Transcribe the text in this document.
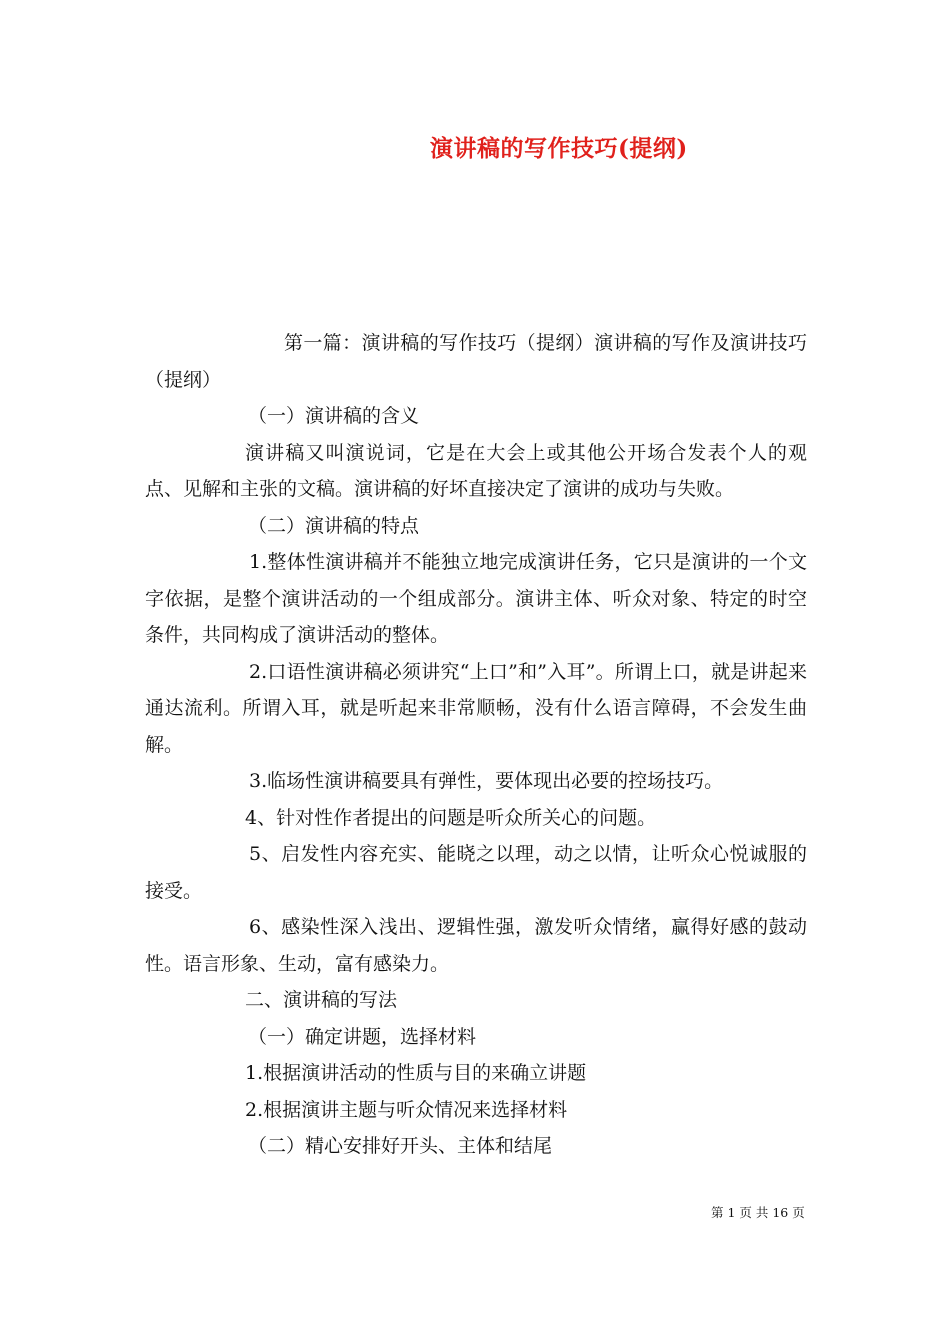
演讲稿的写作技巧(提纲)

第一篇：演讲稿的写作技巧（提纲）演讲稿的写作及演讲技巧（提纲）

（一）演讲稿的含义

演讲稿又叫演说词，它是在大会上或其他公开场合发表个人的观点、见解和主张的文稿。演讲稿的好坏直接决定了演讲的成功与失败。

（二）演讲稿的特点

1.整体性演讲稿并不能独立地完成演讲任务，它只是演讲的一个文字依据，是整个演讲活动的一个组成部分。演讲主体、听众对象、特定的时空条件，共同构成了演讲活动的整体。

2.口语性演讲稿必须讲究“上口”和”入耳”。所谓上口，就是讲起来通达流利。所谓入耳，就是听起来非常顺畅，没有什么语言障碍，不会发生曲解。

3.临场性演讲稿要具有弹性，要体现出必要的控场技巧。

4、针对性作者提出的问题是听众所关心的问题。

5、启发性内容充实、能晓之以理，动之以情，让听众心悦诚服的接受。

6、感染性深入浅出、逻辑性强，激发听众情绪，赢得好感的鼓动性。语言形象、生动，富有感染力。

二、演讲稿的写法

（一）确定讲题，选择材料

1.根据演讲活动的性质与目的来确立讲题

2.根据演讲主题与听众情况来选择材料

（二）精心安排好开头、主体和结尾

第 1 页 共 16 页
